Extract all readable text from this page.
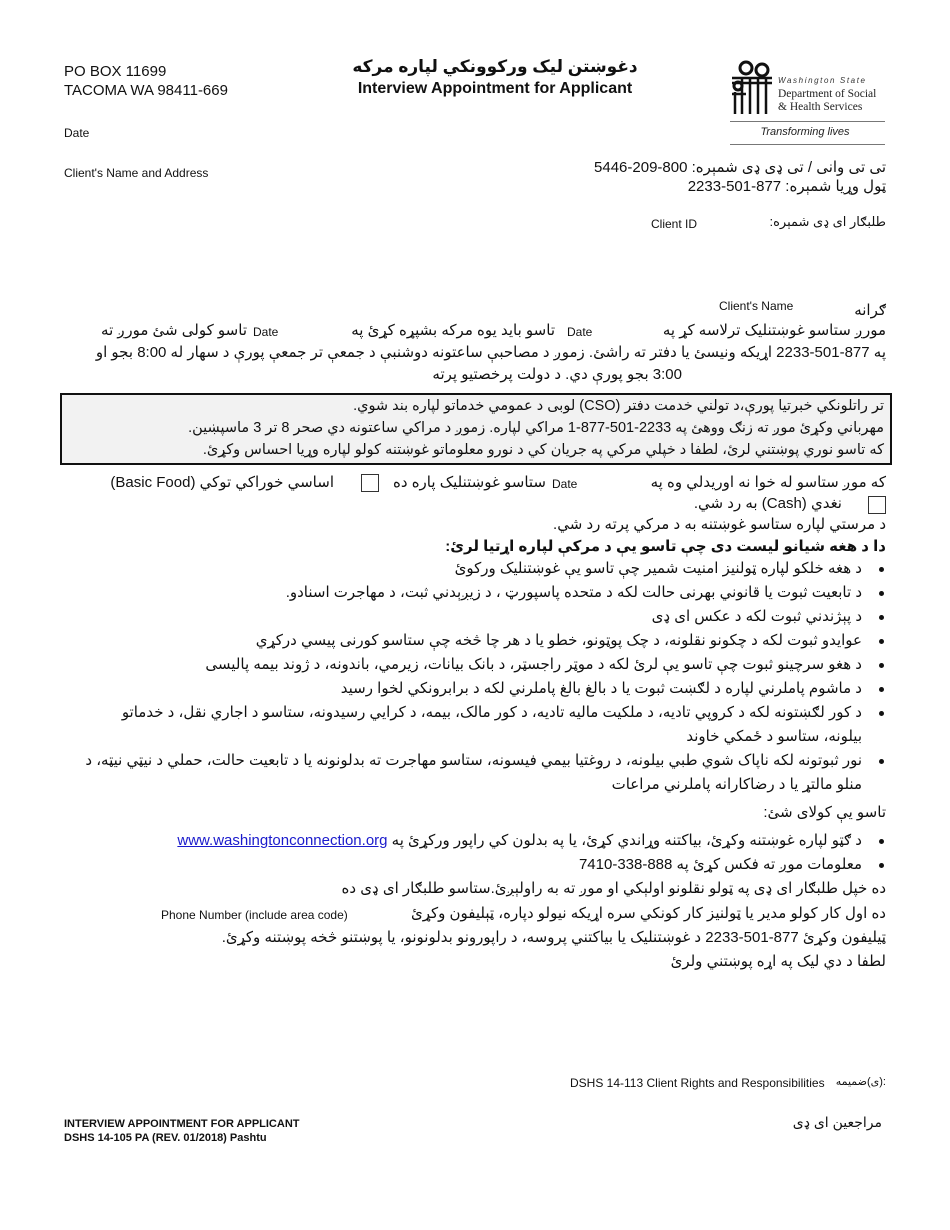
PO BOX 11699
TACOMA WA 98411-669
دغوښتن لیک ورکوونکي لپاره مرکه
Interview Appointment for Applicant	Washington State
Department of Social
& Health Services
Transforming lives
Date
Client's Name and Address	تی تی وانی / تی ډی ډی شمېره: 800-209-5446
ټول وړیا شمېره: 877-501-2233
Client ID	طلبګار ای ډی شمېره:
Client's Name	ګرانه
مورږ ستاسو غوښتنلیک ترلاسه کړ په
Date
تاسو باید یوه مرکه بشپړه کړئ په
Date
تاسو کولی شئ مورږ ته
په 877-501-2233 اړیکه ونیسئ یا دفتر ته راشئ. زموږ د مصاحبې ساعتونه دوشنبې د جمعې تر جمعې پورې د سهار له 8:00 بجو او
3:00 بجو پورې دي. د دولت پرخصتیو پرته
تر راتلونکي خبرتیا پورې،د تولني خدمت دفتر (CSO) لوبی د عمومي خدماتو لپاره بند شوي.
مهرباني وکړئ موږ ته زنګ ووهئ په 2233-501-877-1 مراکي لپاره. زموږ د مراکي ساعتونه دي صحر 8 تر 3 ماسپښین.
که تاسو نوري پوښتني لرئ، لطفا د خپلي مرکي په جریان کي د نورو معلوماتو غوښتنه کولو لپاره وړیا احساس وکړئ.
که موږ ستاسو له خوا نه اوریدلي وه په
Date
ستاسو غوښتنلیک پاره ده
اساسي خوراکي توکي (Basic Food)
نغدي (Cash) به رد شي.
د مرستي لپاره ستاسو غوښتنه به د مرکي پرته رد شي.
دا د هغه شیانو لیست دی چې تاسو یې د مرکې لپاره اړتیا لرئ:
د هغه خلکو لپاره ټولنیز امنیت شمیر چې تاسو یې غوښتنلیک ورکوئ
د تابعیت ثبوت یا قانوني بهرنی حالت لکه د متحده پاسپورټ ، د زیږېدني ثبت، د مهاجرت اسنادو.
د پېژندني ثبوت لکه د عکس ای ډی
عوایدو ثبوت لکه د چکونو نقلونه، د چک پوټونو، خطو یا د هر چا څخه چې ستاسو کورنی پیسي درکړي
د هغو سرچینو ثبوت چې تاسو یې لرئ لکه د موټر راجسټر، د بانک بیانات، زیرمي، باندونه، د ژوند بیمه پالیسی
د ماشوم پاملرني لپاره د لګښت ثبوت یا د بالغ بالغ پاملرني لکه د برابرونکي لخوا رسید
د کور لګښتونه لکه د کروپي تادیه، د ملکیت مالیه تادیه، د کور مالک، بیمه، د کرایي رسیدونه، ستاسو د اجاري نقل، د خدماتو
بیلونه، ستاسو د ځمکي خاوند
نور ثبوتونه لکه ناپاک شوي طبي بیلونه، د روغتیا بیمي فیسونه، ستاسو مهاجرت ته بدلونونه یا د تابعیت حالت، حملي د نیټي نیټه، د
منلو مالتړ یا د رضاکارانه پاملرني مراعات
تاسو یې کولای شئ:
د ګټو لپاره غوښتنه وکړئ، بیاکتنه وړاندي کړئ، یا په بدلون کي راپور ورکړئ په www.washingtonconnection.org
معلومات موږ ته فکس کړئ په 888-338-7410
ده خپل طلبګار ای ډی په ټولو نقلونو اولېکي او موږ ته به راولېږئ.ستاسو طلبګار ای ډی ده
ده اول کار کولو مدیر یا ټولنیز کار کونکي سره اړیکه نیولو دپاره، ټېلیفون وکړئ
Phone Number (include area code)
ټیلیفون وکړئ 877-501-2233 د غوښتنلیک یا بیاکتني پروسه، د راپورونو بدلونونو، یا پوښتنو څخه پوښتنه وکړئ.
لطفا د دي لیک په اړه پوښتني ولرئ
DSHS 14-113 Client Rights and Responsibilities :(ی)ضمیمه
INTERVIEW APPOINTMENT FOR APPLICANT
DSHS 14-105 PA (REV. 01/2018) Pashtu
مراجعین ای ډی
